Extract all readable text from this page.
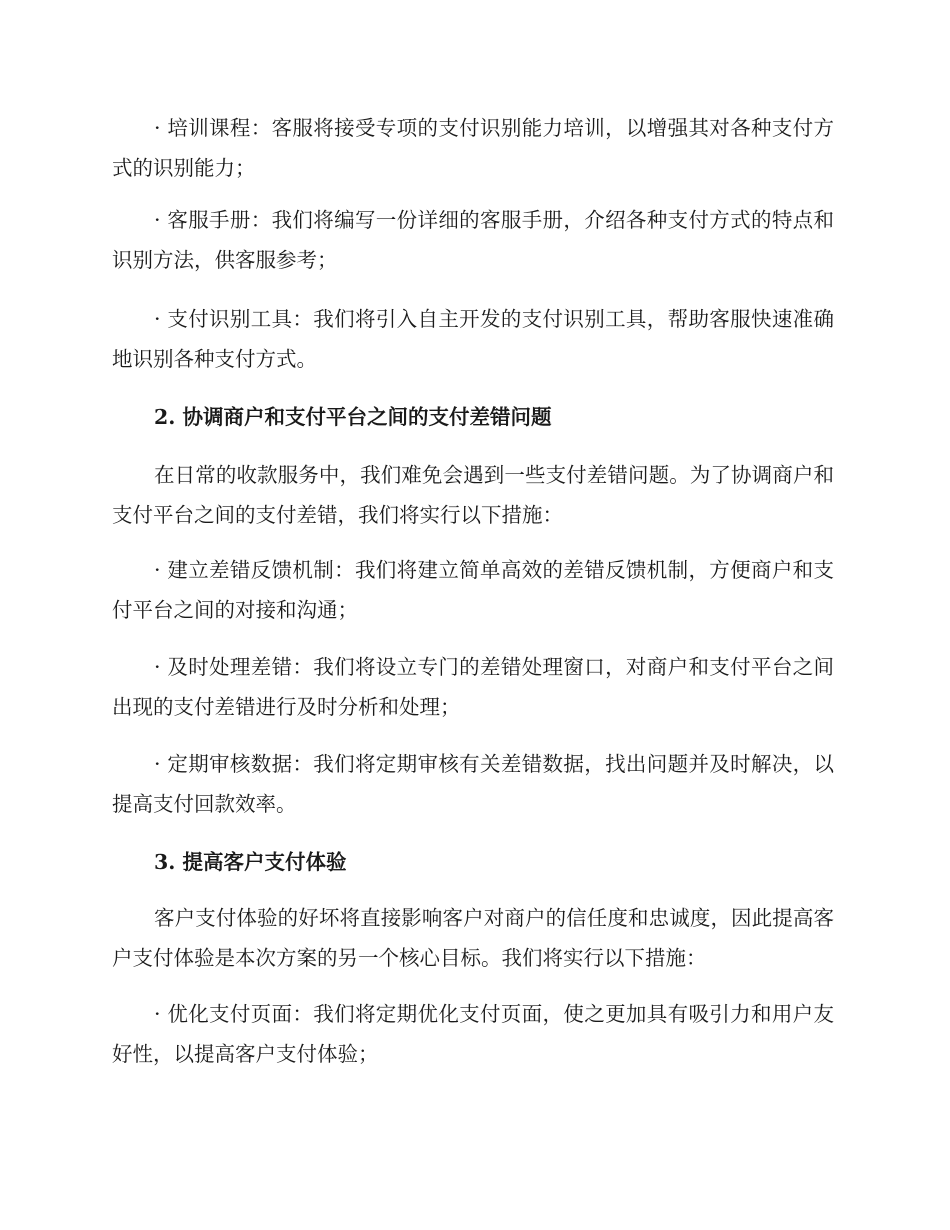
· 培训课程：客服将接受专项的支付识别能力培训，以增强其对各种支付方式的识别能力；

· 客服手册：我们将编写一份详细的客服手册，介绍各种支付方式的特点和识别方法，供客服参考；

· 支付识别工具：我们将引入自主开发的支付识别工具，帮助客服快速准确地识别各种支付方式。

2. 协调商户和支付平台之间的支付差错问题

在日常的收款服务中，我们难免会遇到一些支付差错问题。为了协调商户和支付平台之间的支付差错，我们将实行以下措施：

· 建立差错反馈机制：我们将建立简单高效的差错反馈机制，方便商户和支付平台之间的对接和沟通；

· 及时处理差错：我们将设立专门的差错处理窗口，对商户和支付平台之间出现的支付差错进行及时分析和处理；

· 定期审核数据：我们将定期审核有关差错数据，找出问题并及时解决，以提高支付回款效率。

3. 提高客户支付体验

客户支付体验的好坏将直接影响客户对商户的信任度和忠诚度，因此提高客户支付体验是本次方案的另一个核心目标。我们将实行以下措施：

· 优化支付页面：我们将定期优化支付页面，使之更加具有吸引力和用户友好性，以提高客户支付体验；
